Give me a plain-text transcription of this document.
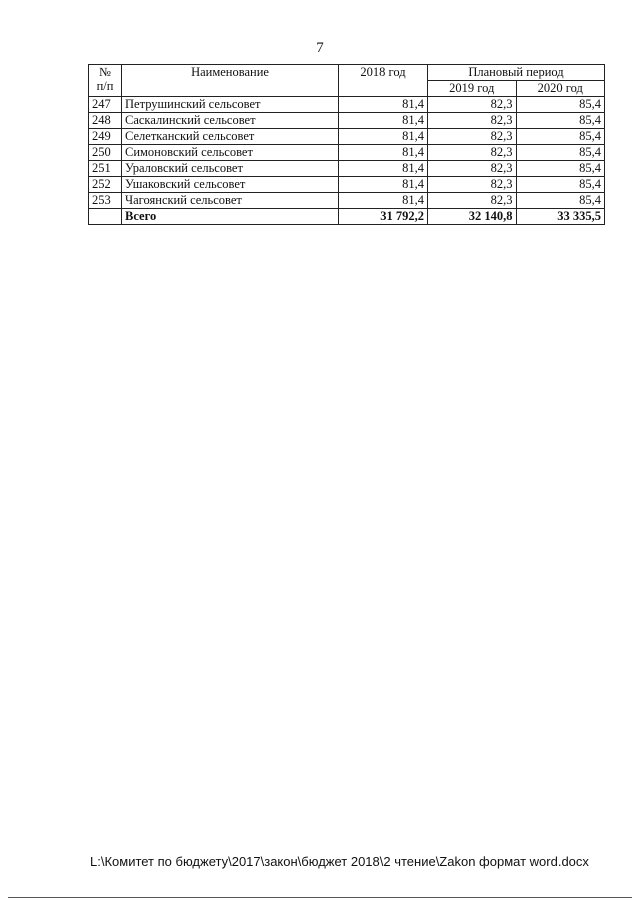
7
№
п/п	Наименование	2018 год	Плановый период	
			2019 год	2020 год
247	Петрушинский сельсовет	81,4	82,3	85,4
248	Саскалинский сельсовет	81,4	82,3	85,4
249	Селетканский сельсовет	81,4	82,3	85,4
250	Симоновский сельсовет	81,4	82,3	85,4
251	Ураловский сельсовет	81,4	82,3	85,4
252	Ушаковский сельсовет	81,4	82,3	85,4
253	Чагоянский сельсовет	81,4	82,3	85,4
	Всего	31 792,2	32 140,8	33 335,5
L:\Комитет по бюджету\2017\закон\бюджет 2018\2 чтение\Zakon формат word.docx
